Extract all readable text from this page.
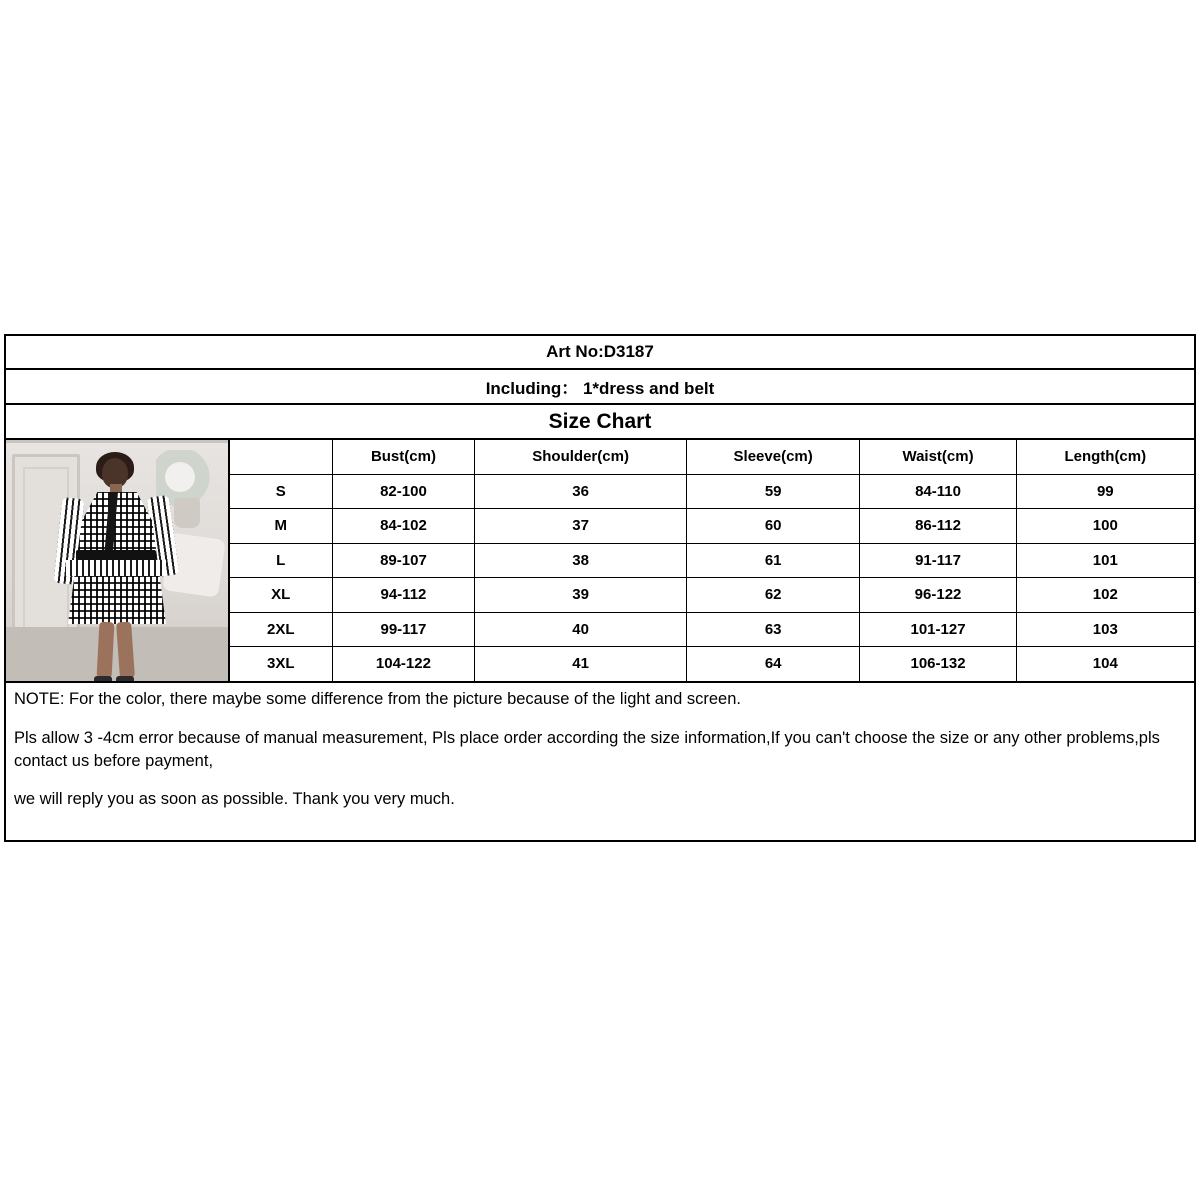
Art No:D3187
Including： 1*dress and belt
Size Chart
	Bust(cm)	Shoulder(cm)	Sleeve(cm)	Waist(cm)	Length(cm)
S	82-100	36	59	84-110	99
M	84-102	37	60	86-112	100
L	89-107	38	61	91-117	101
XL	94-112	39	62	96-122	102
2XL	99-117	40	63	101-127	103
3XL	104-122	41	64	106-132	104

NOTE: For the color, there maybe some difference from the picture because of the light and screen.

Pls allow 3 -4cm error because of manual measurement, Pls place order according the size information,If you can't choose the size or any other problems,pls contact us before payment,

we will reply you as soon as possible. Thank you very much.
